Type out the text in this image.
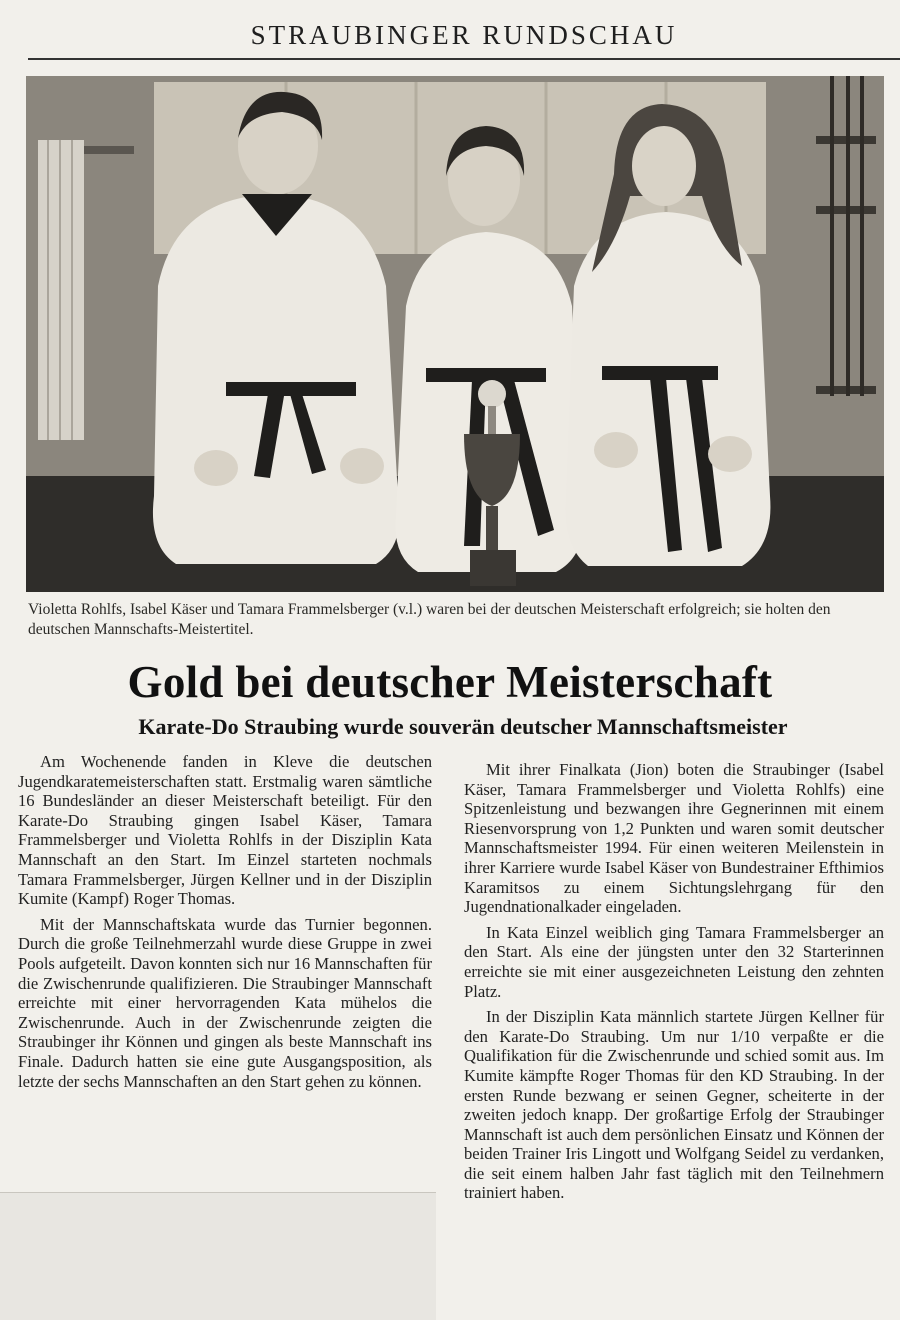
STRAUBINGER RUNDSCHAU
Violetta Rohlfs, Isabel Käser und Tamara Frammelsberger (v.l.) waren bei der deutschen Meisterschaft erfolgreich; sie holten den deutschen Mannschafts-Meistertitel.
Gold bei deutscher Meisterschaft
Karate-Do Straubing wurde souverän deutscher Mannschaftsmeister

Am Wochenende fanden in Kleve die deutschen Jugendkaratemeisterschaften statt. Erstmalig waren sämtliche 16 Bundesländer an dieser Meisterschaft beteiligt. Für den Karate-Do Straubing gingen Isabel Käser, Tamara Frammelsberger und Violetta Rohlfs in der Disziplin Kata Mannschaft an den Start. Im Einzel starteten nochmals Tamara Frammelsberger, Jürgen Kellner und in der Disziplin Kumite (Kampf) Roger Thomas.

Mit der Mannschaftskata wurde das Turnier begonnen. Durch die große Teilnehmerzahl wurde diese Gruppe in zwei Pools aufgeteilt. Davon konnten sich nur 16 Mannschaften für die Zwischenrunde qualifizieren. Die Straubinger Mannschaft erreichte mit einer hervorragenden Kata mühelos die Zwischenrunde. Auch in der Zwischenrunde zeigten die Straubinger ihr Können und gingen als beste Mannschaft ins Finale. Dadurch hatten sie eine gute Ausgangsposition, als letzte der sechs Mannschaften an den Start gehen zu können.

Mit ihrer Finalkata (Jion) boten die Straubinger (Isabel Käser, Tamara Frammelsberger und Violetta Rohlfs) eine Spitzenleistung und bezwangen ihre Gegnerinnen mit einem Riesenvorsprung von 1,2 Punkten und waren somit deutscher Mannschaftsmeister 1994. Für einen weiteren Meilenstein in ihrer Karriere wurde Isabel Käser von Bundestrainer Efthimios Karamitsos zu einem Sichtungslehrgang für den Jugendnationalkader eingeladen.

In Kata Einzel weiblich ging Tamara Frammelsberger an den Start. Als eine der jüngsten unter den 32 Starterinnen erreichte sie mit einer ausgezeichneten Leistung den zehnten Platz.

In der Disziplin Kata männlich startete Jürgen Kellner für den Karate-Do Straubing. Um nur 1/10 verpaßte er die Qualifikation für die Zwischenrunde und schied somit aus. Im Kumite kämpfte Roger Thomas für den KD Straubing. In der ersten Runde bezwang er seinen Gegner, scheiterte in der zweiten jedoch knapp. Der großartige Erfolg der Straubinger Mannschaft ist auch dem persönlichen Einsatz und Können der beiden Trainer Iris Lingott und Wolfgang Seidel zu verdanken, die seit einem halben Jahr fast täglich mit den Teilnehmern trainiert haben.
